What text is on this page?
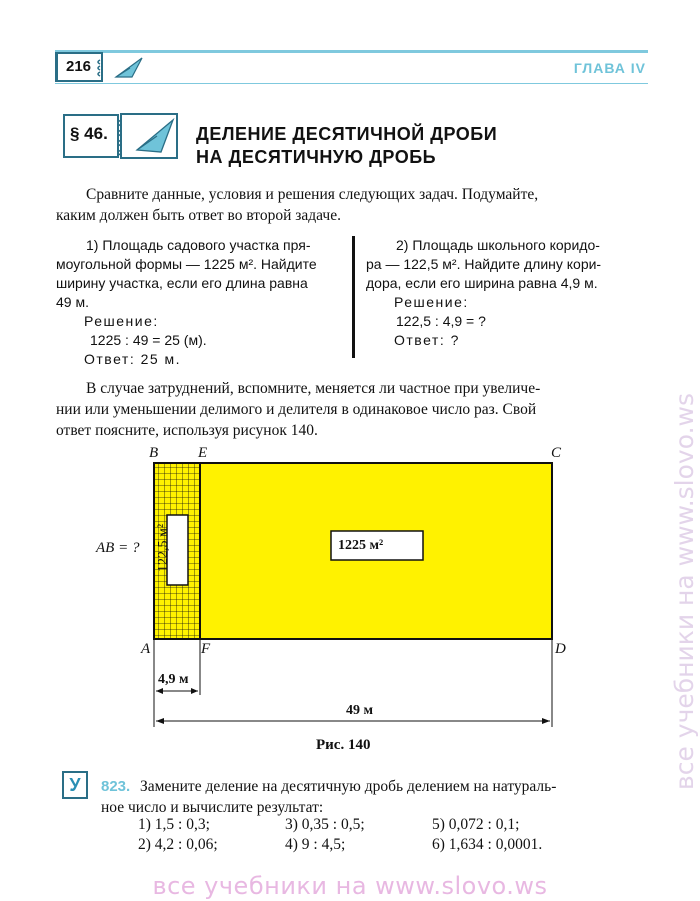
216	ГЛАВА IV
§ 46.	ДЕЛЕНИЕ ДЕСЯТИЧНОЙ ДРОБИ
НА ДЕСЯТИЧНУЮ ДРОБЬ
Сравните данные, условия и решения следующих задач. Подумайте,
каким должен быть ответ во второй задаче.
1) Площадь садового участка пря-
моугольной формы — 1225 м². Найдите
ширину участка, если его длина равна
49 м.
Решение:
1225 : 49 = 25 (м).
Ответ: 25 м.
2) Площадь школьного коридо-
ра — 122,5 м². Найдите длину кори-
дора, если его ширина равна 4,9 м.
Решение:
122,5 : 4,9 = ?
Ответ: ?
В случае затруднений, вспомните, меняется ли частное при увеличе-
нии или уменьшении делимого и делителя в одинаковое число раз. Свой
ответ поясните, используя рисунок 140.
B	E	C
A	F	D
AB = ? 122,5 м²	1225 м²
4,9 м
49 м
Рис. 140
У	823. Замените деление на десятичную дробь делением на натураль-
ное число и вычислите результат:
1) 1,5 : 0,3;
2) 4,2 : 0,06;
3) 0,35 : 0,5;
4) 9 : 4,5;
5) 0,072 : 0,1;
6) 1,634 : 0,0001.
все учебники на www.slovo.ws
все учебники на www.slovo.ws
